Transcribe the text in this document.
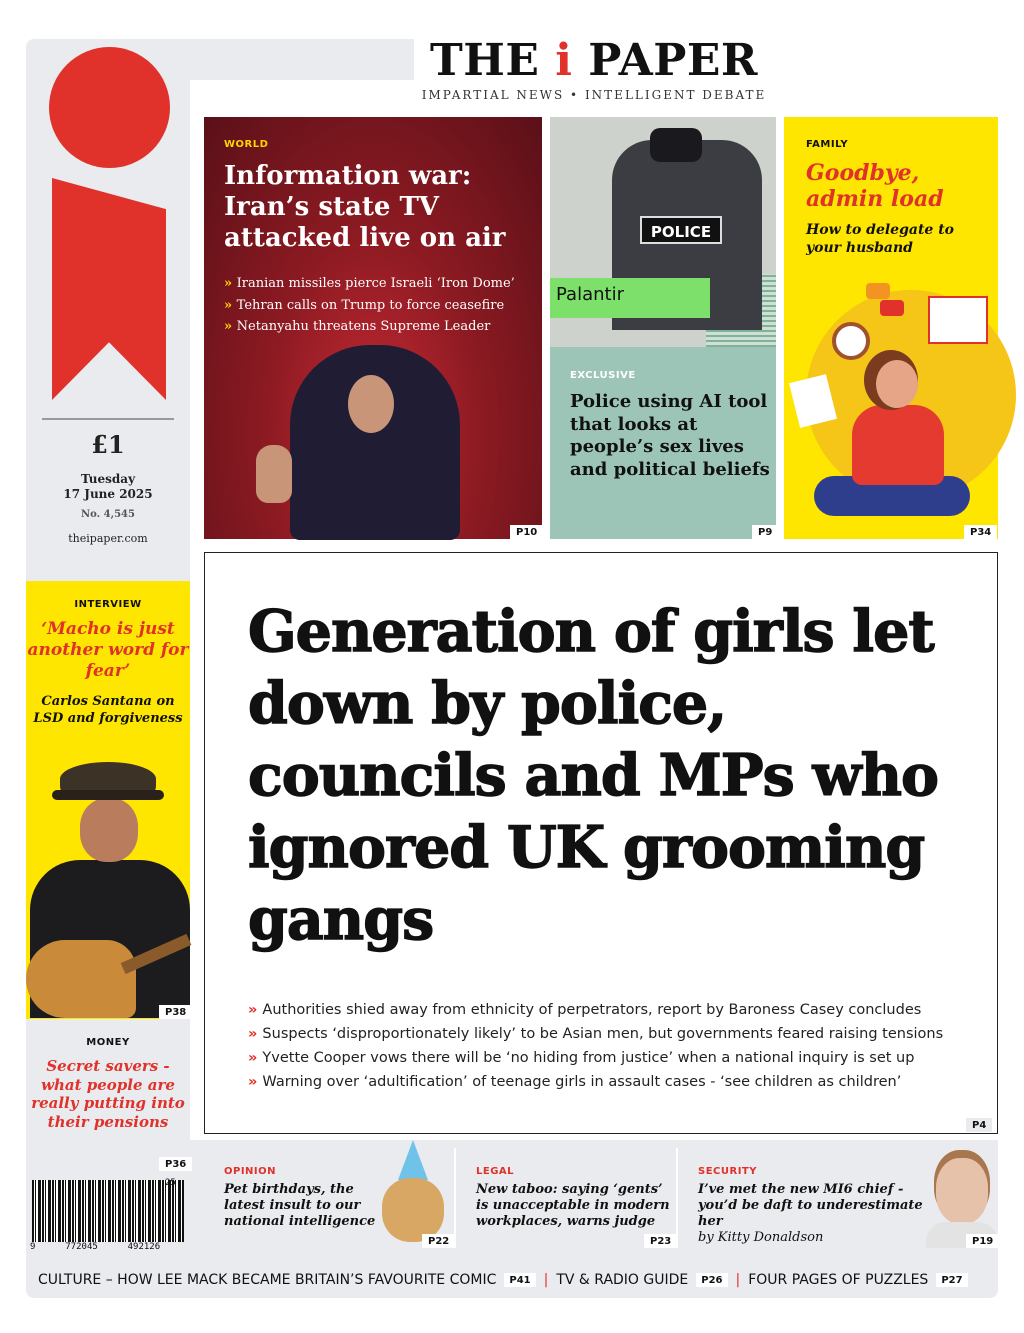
THE i PAPER
IMPARTIAL NEWS • INTELLIGENT DEBATE
£1
Tuesday
17 June 2025
No. 4,545
theipaper.com
WORLD
Information war: Iran’s state TV attacked live on air
» Iranian missiles pierce Israeli ‘Iron Dome’
» Tehran calls on Trump to force ceasefire
» Netanyahu threatens Supreme Leader
P10
POLICE
Palantir
EXCLUSIVE
Police using AI tool that looks at people’s sex lives and political beliefs
P9
FAMILY
Goodbye, admin load
How to delegate to your husband
P34
INTERVIEW
‘Macho is just another word for fear’
Carlos Santana on LSD and forgiveness
P38
MONEY
Secret savers - what people are really putting into their pensions
P36
25
9	772045	492126
Generation of girls let down by police, councils and MPs who ignored UK grooming gangs
» Authorities shied away from ethnicity of perpetrators, report by Baroness Casey concludes
» Suspects ‘disproportionately likely’ to be Asian men, but governments feared raising tensions
» Yvette Cooper vows there will be ‘no hiding from justice’ when a national inquiry is set up
» Warning over ‘adultification’ of teenage girls in assault cases - ‘see children as children’
P4
OPINION
Pet birthdays, the latest insult to our national intelligence
P22
LEGAL
New taboo: saying ‘gents’ is unacceptable in modern workplaces, warns judge
P23
SECURITY
I’ve met the new MI6 chief - you’d be daft to underestimate her
by Kitty Donaldson	P19
CULTURE – HOW LEE MACK BECAME BRITAIN’S FAVOURITE COMIC	P41 | TV & RADIO GUIDE	P26 | FOUR PAGES OF PUZZLES	P27
